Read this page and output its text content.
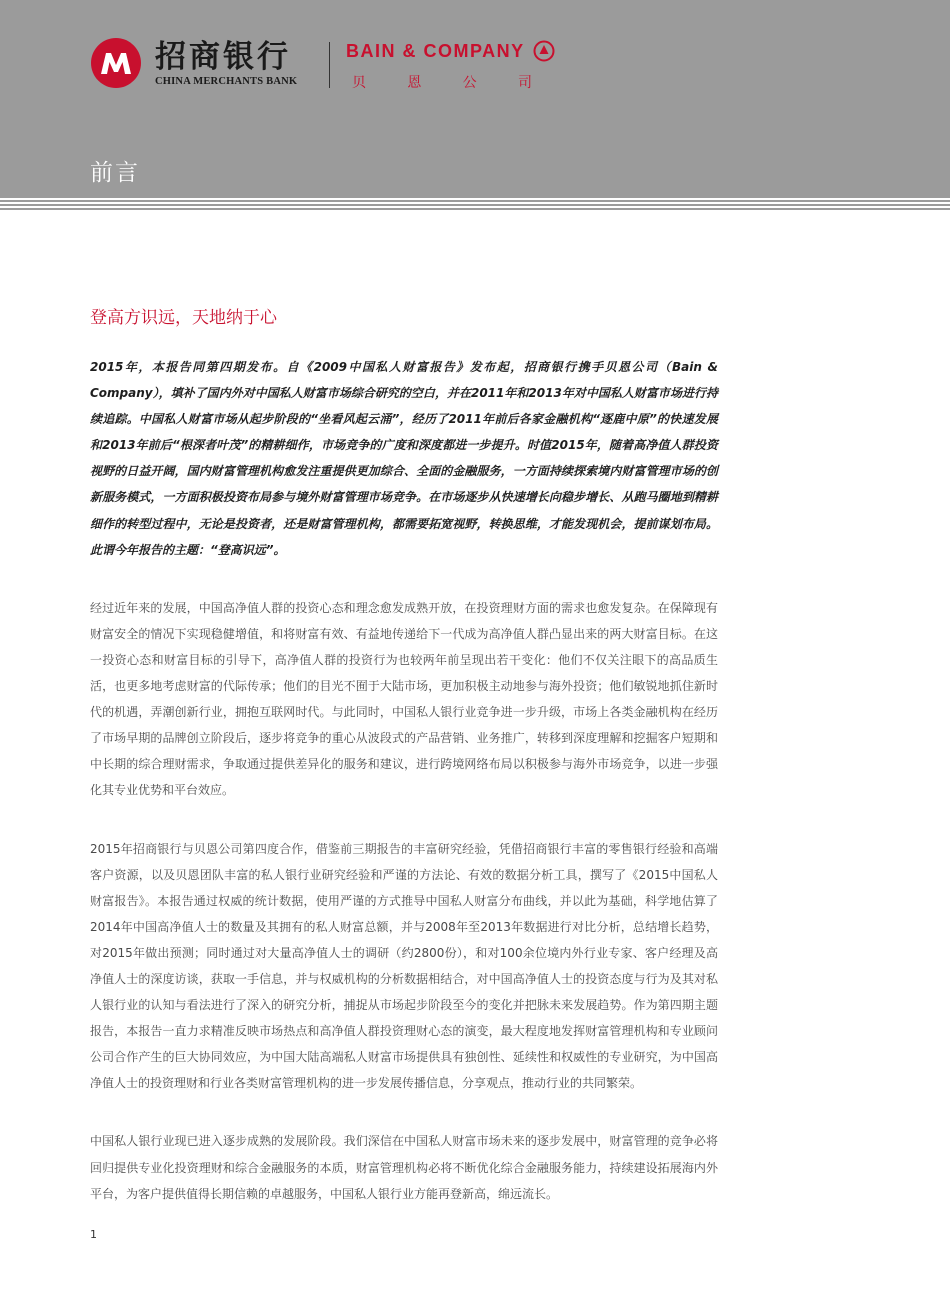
招商银行
CHINA MERCHANTS BANK
BAIN & COMPANY
贝	恩	公	司
前言
登高方识远，天地纳于心

2015年，本报告同第四期发布。自《2009中国私人财富报告》发布起，招商银行携手贝恩公司（Bain & Company），填补了国内外对中国私人财富市场综合研究的空白，并在2011年和2013年对中国私人财富市场进行持续追踪。中国私人财富市场从起步阶段的“坐看风起云涌”，经历了2011年前后各家金融机构“逐鹿中原”的快速发展和2013年前后“根深者叶茂”的精耕细作，市场竞争的广度和深度都进一步提升。时值2015年，随着高净值人群投资视野的日益开阔，国内财富管理机构愈发注重提供更加综合、全面的金融服务，一方面持续探索境内财富管理市场的创新服务模式，一方面积极投资布局参与境外财富管理市场竞争。在市场逐步从快速增长向稳步增长、从跑马圈地到精耕细作的转型过程中，无论是投资者，还是财富管理机构，都需要拓宽视野，转换思维，才能发现机会，提前谋划布局。此谓今年报告的主题：“登高识远”。

经过近年来的发展，中国高净值人群的投资心态和理念愈发成熟开放，在投资理财方面的需求也愈发复杂。在保障现有财富安全的情况下实现稳健增值，和将财富有效、有益地传递给下一代成为高净值人群凸显出来的两大财富目标。在这一投资心态和财富目标的引导下，高净值人群的投资行为也较两年前呈现出若干变化：他们不仅关注眼下的高品质生活，也更多地考虑财富的代际传承；他们的目光不囿于大陆市场，更加积极主动地参与海外投资；他们敏锐地抓住新时代的机遇，弄潮创新行业，拥抱互联网时代。与此同时，中国私人银行业竞争进一步升级，市场上各类金融机构在经历了市场早期的品牌创立阶段后，逐步将竞争的重心从波段式的产品营销、业务推广，转移到深度理解和挖掘客户短期和中长期的综合理财需求，争取通过提供差异化的服务和建议，进行跨境网络布局以积极参与海外市场竞争，以进一步强化其专业优势和平台效应。

2015年招商银行与贝恩公司第四度合作，借鉴前三期报告的丰富研究经验，凭借招商银行丰富的零售银行经验和高端客户资源，以及贝恩团队丰富的私人银行业研究经验和严谨的方法论、有效的数据分析工具，撰写了《2015中国私人财富报告》。本报告通过权威的统计数据，使用严谨的方式推导中国私人财富分布曲线，并以此为基础，科学地估算了2014年中国高净值人士的数量及其拥有的私人财富总额，并与2008年至2013年数据进行对比分析，总结增长趋势，对2015年做出预测；同时通过对大量高净值人士的调研（约2800份），和对100余位境内外行业专家、客户经理及高净值人士的深度访谈，获取一手信息，并与权威机构的分析数据相结合，对中国高净值人士的投资态度与行为及其对私人银行业的认知与看法进行了深入的研究分析，捕捉从市场起步阶段至今的变化并把脉未来发展趋势。作为第四期主题报告，本报告一直力求精准反映市场热点和高净值人群投资理财心态的演变，最大程度地发挥财富管理机构和专业顾问公司合作产生的巨大协同效应，为中国大陆高端私人财富市场提供具有独创性、延续性和权威性的专业研究，为中国高净值人士的投资理财和行业各类财富管理机构的进一步发展传播信息，分享观点，推动行业的共同繁荣。

中国私人银行业现已进入逐步成熟的发展阶段。我们深信在中国私人财富市场未来的逐步发展中，财富管理的竞争必将回归提供专业化投资理财和综合金融服务的本质，财富管理机构必将不断优化综合金融服务能力，持续建设拓展海内外平台，为客户提供值得长期信赖的卓越服务，中国私人银行业方能再登新高，绵远流长。

1
